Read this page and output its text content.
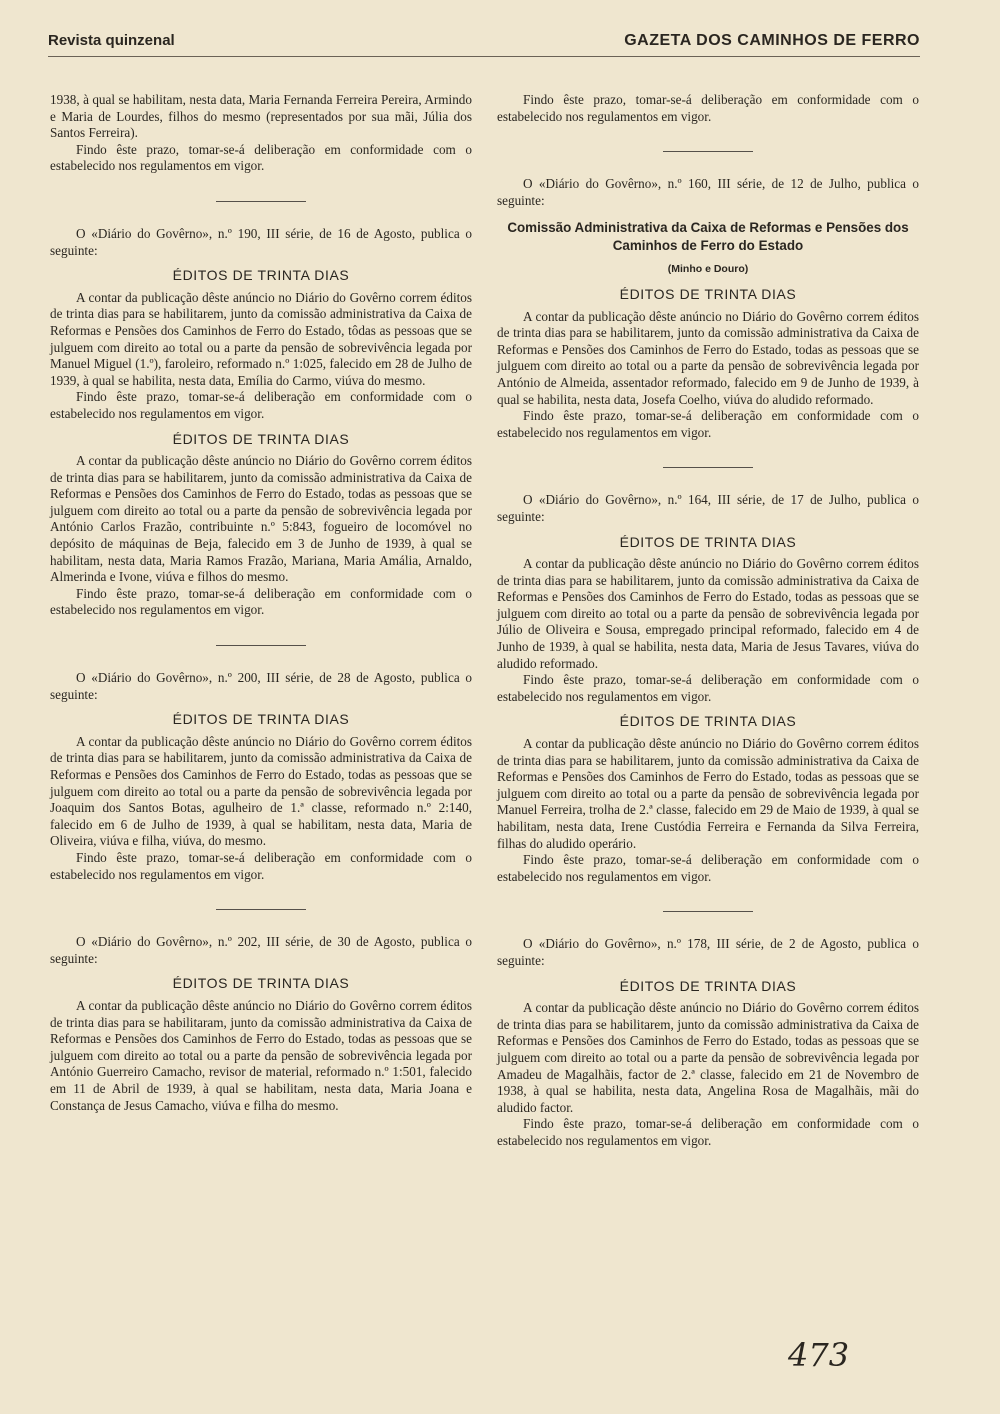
Revista quinzenal	GAZETA DOS CAMINHOS DE FERRO

1938, à qual se habilitam, nesta data, Maria Fernanda Ferreira Pereira, Armindo e Maria de Lourdes, filhos do mesmo (representados por sua mãi, Júlia dos Santos Ferreira).

Findo êste prazo, tomar-se-á deliberação em conformidade com o estabelecido nos regulamentos em vigor.

O «Diário do Govêrno», n.º 190, III série, de 16 de Agosto, publica o seguinte:

ÉDITOS DE TRINTA DIAS

A contar da publicação dêste anúncio no Diário do Govêrno correm éditos de trinta dias para se habilitarem, junto da comissão administrativa da Caixa de Reformas e Pensões dos Caminhos de Ferro do Estado, tôdas as pessoas que se julguem com direito ao total ou a parte da pensão de sobrevivência legada por Manuel Miguel (1.º), faroleiro, reformado n.º 1:025, falecido em 28 de Julho de 1939, à qual se habilita, nesta data, Emília do Carmo, viúva do mesmo.

Findo êste prazo, tomar-se-á deliberação em conformidade com o estabelecido nos regulamentos em vigor.

ÉDITOS DE TRINTA DIAS

A contar da publicação dêste anúncio no Diário do Govêrno correm éditos de trinta dias para se habilitarem, junto da comissão administrativa da Caixa de Reformas e Pensões dos Caminhos de Ferro do Estado, todas as pessoas que se julguem com direito ao total ou a parte da pensão de sobrevivência legada por António Carlos Frazão, contribuinte n.º 5:843, fogueiro de locomóvel no depósito de máquinas de Beja, falecido em 3 de Junho de 1939, à qual se habilitam, nesta data, Maria Ramos Frazão, Mariana, Maria Amália, Arnaldo, Almerinda e Ivone, viúva e filhos do mesmo.

Findo êste prazo, tomar-se-á deliberação em conformidade com o estabelecido nos regulamentos em vigor.

O «Diário do Govêrno», n.º 200, III série, de 28 de Agosto, publica o seguinte:

ÉDITOS DE TRINTA DIAS

A contar da publicação dêste anúncio no Diário do Govêrno correm éditos de trinta dias para se habilitarem, junto da comissão administrativa da Caixa de Reformas e Pensões dos Caminhos de Ferro do Estado, todas as pessoas que se julguem com direito ao total ou a parte da pensão de sobrevivência legada por Joaquim dos Santos Botas, agulheiro de 1.ª classe, reformado n.º 2:140, falecido em 6 de Julho de 1939, à qual se habilitam, nesta data, Maria de Oliveira, viúva e filha, viúva, do mesmo.

Findo êste prazo, tomar-se-á deliberação em conformidade com o estabelecido nos regulamentos em vigor.

O «Diário do Govêrno», n.º 202, III série, de 30 de Agosto, publica o seguinte:

ÉDITOS DE TRINTA DIAS

A contar da publicação dêste anúncio no Diário do Govêrno correm éditos de trinta dias para se habilitaram, junto da comissão administrativa da Caixa de Reformas e Pensões dos Caminhos de Ferro do Estado, todas as pessoas que se julguem com direito ao total ou a parte da pensão de sobrevivência legada por António Guerreiro Camacho, revisor de material, reformado n.º 1:501, falecido em 11 de Abril de 1939, à qual se habilitam, nesta data, Maria Joana e Constança de Jesus Camacho, viúva e filha do mesmo.

Findo êste prazo, tomar-se-á deliberação em conformidade com o estabelecido nos regulamentos em vigor.

O «Diário do Govêrno», n.º 160, III série, de 12 de Julho, publica o seguinte:

Comissão Administrativa da Caixa de Reformas e Pensões dos Caminhos de Ferro do Estado
(Minho e Douro)
ÉDITOS DE TRINTA DIAS

A contar da publicação dêste anúncio no Diário do Govêrno correm éditos de trinta dias para se habilitarem, junto da comissão administrativa da Caixa de Reformas e Pensões dos Caminhos de Ferro do Estado, todas as pessoas que se julguem com direito ao total ou a parte da pensão de sobrevivência legada por António de Almeida, assentador reformado, falecido em 9 de Junho de 1939, à qual se habilita, nesta data, Josefa Coelho, viúva do aludido reformado.

Findo êste prazo, tomar-se-á deliberação em conformidade com o estabelecido nos regulamentos em vigor.

O «Diário do Govêrno», n.º 164, III série, de 17 de Julho, publica o seguinte:

ÉDITOS DE TRINTA DIAS

A contar da publicação dêste anúncio no Diário do Govêrno correm éditos de trinta dias para se habilitarem, junto da comissão administrativa da Caixa de Reformas e Pensões dos Caminhos de Ferro do Estado, todas as pessoas que se julguem com direito ao total ou a parte da pensão de sobrevivência legada por Júlio de Oliveira e Sousa, empregado principal reformado, falecido em 4 de Junho de 1939, à qual se habilita, nesta data, Maria de Jesus Tavares, viúva do aludido reformado.

Findo êste prazo, tomar-se-á deliberação em conformidade com o estabelecido nos regulamentos em vigor.

ÉDITOS DE TRINTA DIAS

A contar da publicação dêste anúncio no Diário do Govêrno correm éditos de trinta dias para se habilitarem, junto da comissão administrativa da Caixa de Reformas e Pensões dos Caminhos de Ferro do Estado, todas as pessoas que se julguem com direito ao total ou a parte da pensão de sobrevivência legada por Manuel Ferreira, trolha de 2.ª classe, falecido em 29 de Maio de 1939, à qual se habilitam, nesta data, Irene Custódia Ferreira e Fernanda da Silva Ferreira, filhas do aludido operário.

Findo êste prazo, tomar-se-á deliberação em conformidade com o estabelecido nos regulamentos em vigor.

O «Diário do Govêrno», n.º 178, III série, de 2 de Agosto, publica o seguinte:

ÉDITOS DE TRINTA DIAS

A contar da publicação dêste anúncio no Diário do Govêrno correm éditos de trinta dias para se habilitarem, junto da comissão administrativa da Caixa de Reformas e Pensões dos Caminhos de Ferro do Estado, todas as pessoas que se julguem com direito ao total ou a parte da pensão de sobrevivência legada por Amadeu de Magalhãis, factor de 2.ª classe, falecido em 21 de Novembro de 1938, à qual se habilita, nesta data, Angelina Rosa de Magalhãis, mãi do aludido factor.

Findo êste prazo, tomar-se-á deliberação em conformidade com o estabelecido nos regulamentos em vigor.

473
